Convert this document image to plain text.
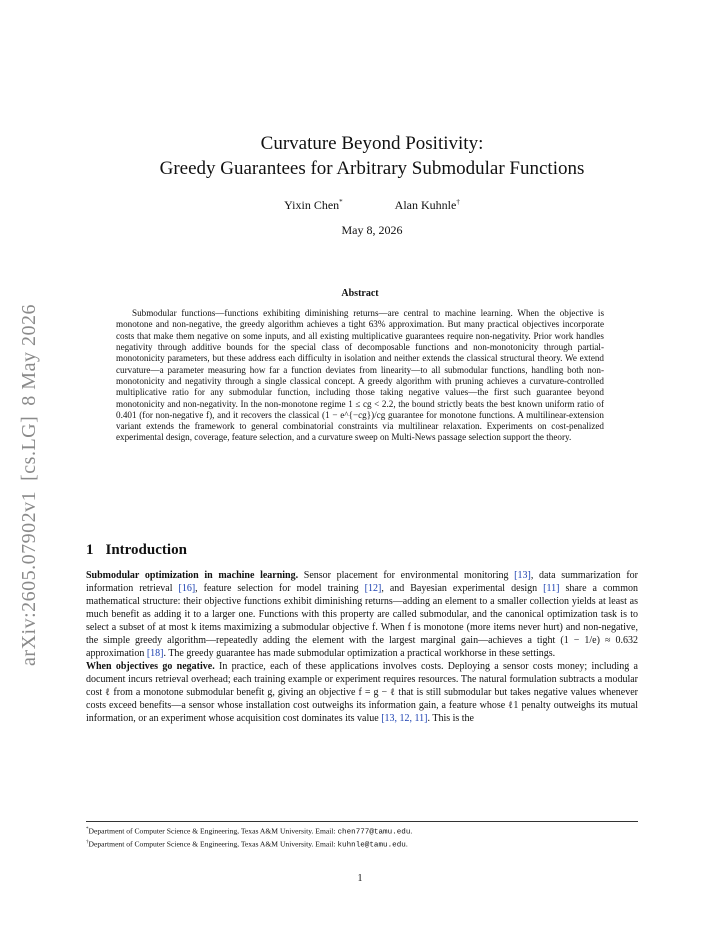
arXiv:2605.07902v1[cs.LG]8 May 2026
Curvature Beyond Positivity:
Greedy Guarantees for Arbitrary Submodular Functions
Yixin Chen*	Alan Kuhnle†
May 8, 2026
Abstract

Submodular functions—functions exhibiting diminishing returns—are central to machine learning. When the objective is monotone and non-negative, the greedy algorithm achieves a tight 63% approximation. But many practical objectives incorporate costs that make them negative on some inputs, and all existing multiplicative guarantees require non-negativity. Prior work handles negativity through additive bounds for the special class of decomposable functions and non-monotonicity through partial-monotonicity parameters, but these address each difficulty in isolation and neither extends the classical structural theory. We extend curvature—a parameter measuring how far a function deviates from linearity—to all submodular functions, handling both non-monotonicity and negativity through a single classical concept. A greedy algorithm with pruning achieves a curvature-controlled multiplicative ratio for any submodular function, including those taking negative values—the first such guarantee beyond monotonicity and non-negativity. In the non-monotone regime 1 ≤ cg < 2.2, the bound strictly beats the best known uniform ratio of 0.401 (for non-negative f), and it recovers the classical (1 − e^{−cg})/cg guarantee for monotone functions. A multilinear-extension variant extends the framework to general combinatorial constraints via multilinear relaxation. Experiments on cost-penalized experimental design, coverage, feature selection, and a curvature sweep on Multi-News passage selection support the theory.

1 Introduction

Submodular optimization in machine learning. Sensor placement for environmental monitoring [13], data summarization for information retrieval [16], feature selection for model training [12], and Bayesian experimental design [11] share a common mathematical structure: their objective functions exhibit diminishing returns—adding an element to a smaller collection yields at least as much benefit as adding it to a larger one. Functions with this property are called submodular, and the canonical optimization task is to select a subset of at most k items maximizing a submodular objective f. When f is monotone (more items never hurt) and non-negative, the simple greedy algorithm—repeatedly adding the element with the largest marginal gain—achieves a tight (1 − 1/e) ≈ 0.632 approximation [18]. The greedy guarantee has made submodular optimization a practical workhorse in these settings.

When objectives go negative. In practice, each of these applications involves costs. Deploying a sensor costs money; including a document incurs retrieval overhead; each training example or experiment requires resources. The natural formulation subtracts a modular cost ℓ from a monotone submodular benefit g, giving an objective f = g − ℓ that is still submodular but takes negative values whenever costs exceed benefits—a sensor whose installation cost outweighs its information gain, a feature whose ℓ1 penalty outweighs its mutual information, or an experiment whose acquisition cost dominates its value [13, 12, 11]. This is the

*Department of Computer Science & Engineering, Texas A&M University. Email: chen777@tamu.edu.
†Department of Computer Science & Engineering, Texas A&M University. Email: kuhnle@tamu.edu.
1
